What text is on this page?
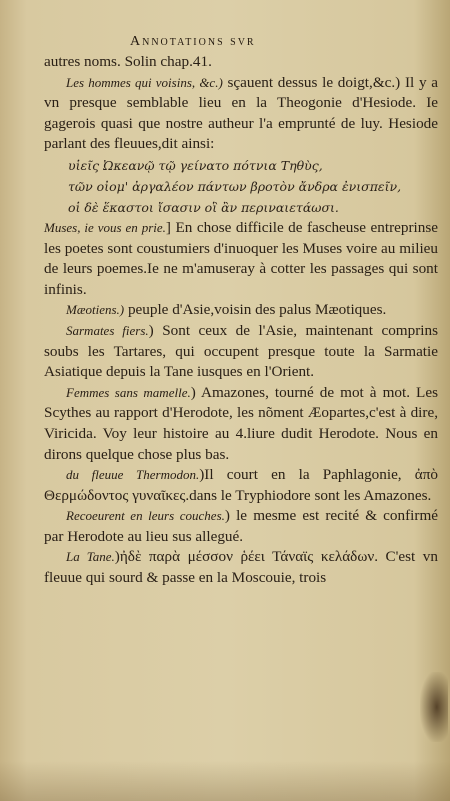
Annotations svr

autres noms. Solin chap.41.

Les hommes qui voisins, &c.) sçauent dessus le doigt,&c.) Il y a vn presque semblable lieu en la Theogonie d'Hesiode. Ie gagerois quasi que nostre autheur l'a emprunté de luy. Hesiode parlant des fleuues,dit ainsi:

υἱεῖς Ὠκεανῷ τῷ γείνατο πότνια Τηθὺς,
τῶν οἰομ' ἀργαλέον πάντων βροτὸν ἄνδρα ἐνισπεῖν,
οἱ δὲ ἕκαστοι ἴσασιν οἳ ἂν περιναιετάωσι.

Muses, ie vous en prie.] En chose difficile de fascheuse entreprinse les poetes sont coustumiers d'inuoquer les Muses voire au milieu de leurs poemes.Ie ne m'amuseray à cotter les passages qui sont infinis.

Mæotiens.) peuple d'Asie,voisin des palus Mæotiques.

Sarmates fiers.) Sont ceux de l'Asie, maintenant comprins soubs les Tartares, qui occupent presque toute la Sarmatie Asiatique depuis la Tane iusques en l'Orient.

Femmes sans mamelle.) Amazones, tourné de mot à mot. Les Scythes au rapport d'Herodote, les nõment Æopartes,c'est à dire, Viricida. Voy leur histoire au 4.liure dudit Herodote. Nous en dirons quelque chose plus bas.

du fleuue Thermodon.)Il court en la Paphlagonie, ἀπὸ Θερμώδοντος γυναῖκες.dans le Tryphiodore sont les Amazones.

Recoeurent en leurs couches.) le mesme est recité & confirmé par Herodote au lieu sus allegué.

La Tane.)ἠδὲ παρὰ μέσσον ῥέει Τάναϊς κελάδων. C'est vn fleuue qui sourd & passe en la Moscouie, trois
